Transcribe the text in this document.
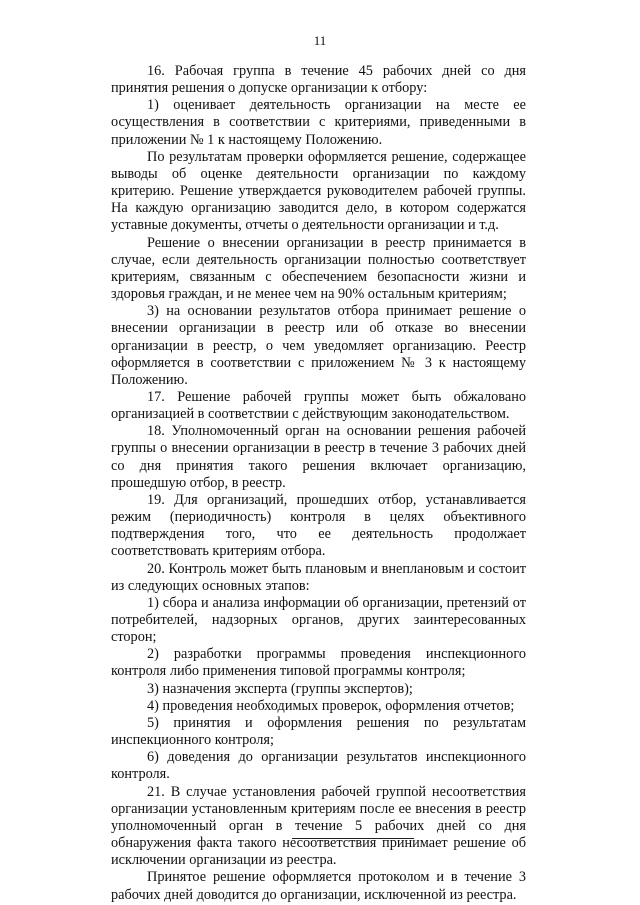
11

16. Рабочая группа в течение 45 рабочих дней со дня принятия решения о допуске организации к отбору:

1) оценивает деятельность организации на месте ее осуществления в соответствии с критериями, приведенными в приложении № 1 к настоящему Положению.

По результатам проверки оформляется решение, содержащее выводы об оценке деятельности организации по каждому критерию. Решение утверждается руководителем рабочей группы. На каждую организацию заводится дело, в котором содержатся уставные документы, отчеты о деятельности организации и т.д.

Решение о внесении организации в реестр принимается в случае, если деятельность организации полностью соответствует критериям, связанным с обеспечением безопасности жизни и здоровья граждан, и не менее чем на 90% остальным критериям;

3) на основании результатов отбора принимает решение о внесении организации в реестр или об отказе во внесении организации в реестр, о чем уведомляет организацию. Реестр оформляется в соответствии с приложением № 3 к настоящему Положению.

17. Решение рабочей группы может быть обжаловано организацией в соответствии с действующим законодательством.

18. Уполномоченный орган на основании решения рабочей группы о внесении организации в реестр в течение 3 рабочих дней со дня принятия такого решения включает организацию, прошедшую отбор, в реестр.

19. Для организаций, прошедших отбор, устанавливается режим (периодичность) контроля в целях объективного подтверждения того, что ее деятельность продолжает соответствовать критериям отбора.

20. Контроль может быть плановым и внеплановым и состоит из следующих основных этапов:

1) сбора и анализа информации об организации, претензий от потребителей, надзорных органов, других заинтересованных сторон;

2) разработки программы проведения инспекционного контроля либо применения типовой программы контроля;

3) назначения эксперта (группы экспертов);

4) проведения необходимых проверок, оформления отчетов;

5) принятия и оформления решения по результатам инспекционного контроля;

6) доведения до организации результатов инспекционного контроля.

21. В случае установления рабочей группой несоответствия организации установленным критериям после ее внесения в реестр уполномоченный орган в течение 5 рабочих дней со дня обнаружения факта такого несоответствия принимает решение об исключении организации из реестра.

Принятое решение оформляется протоколом и в течение 3 рабочих дней доводится до организации, исключенной из реестра.
